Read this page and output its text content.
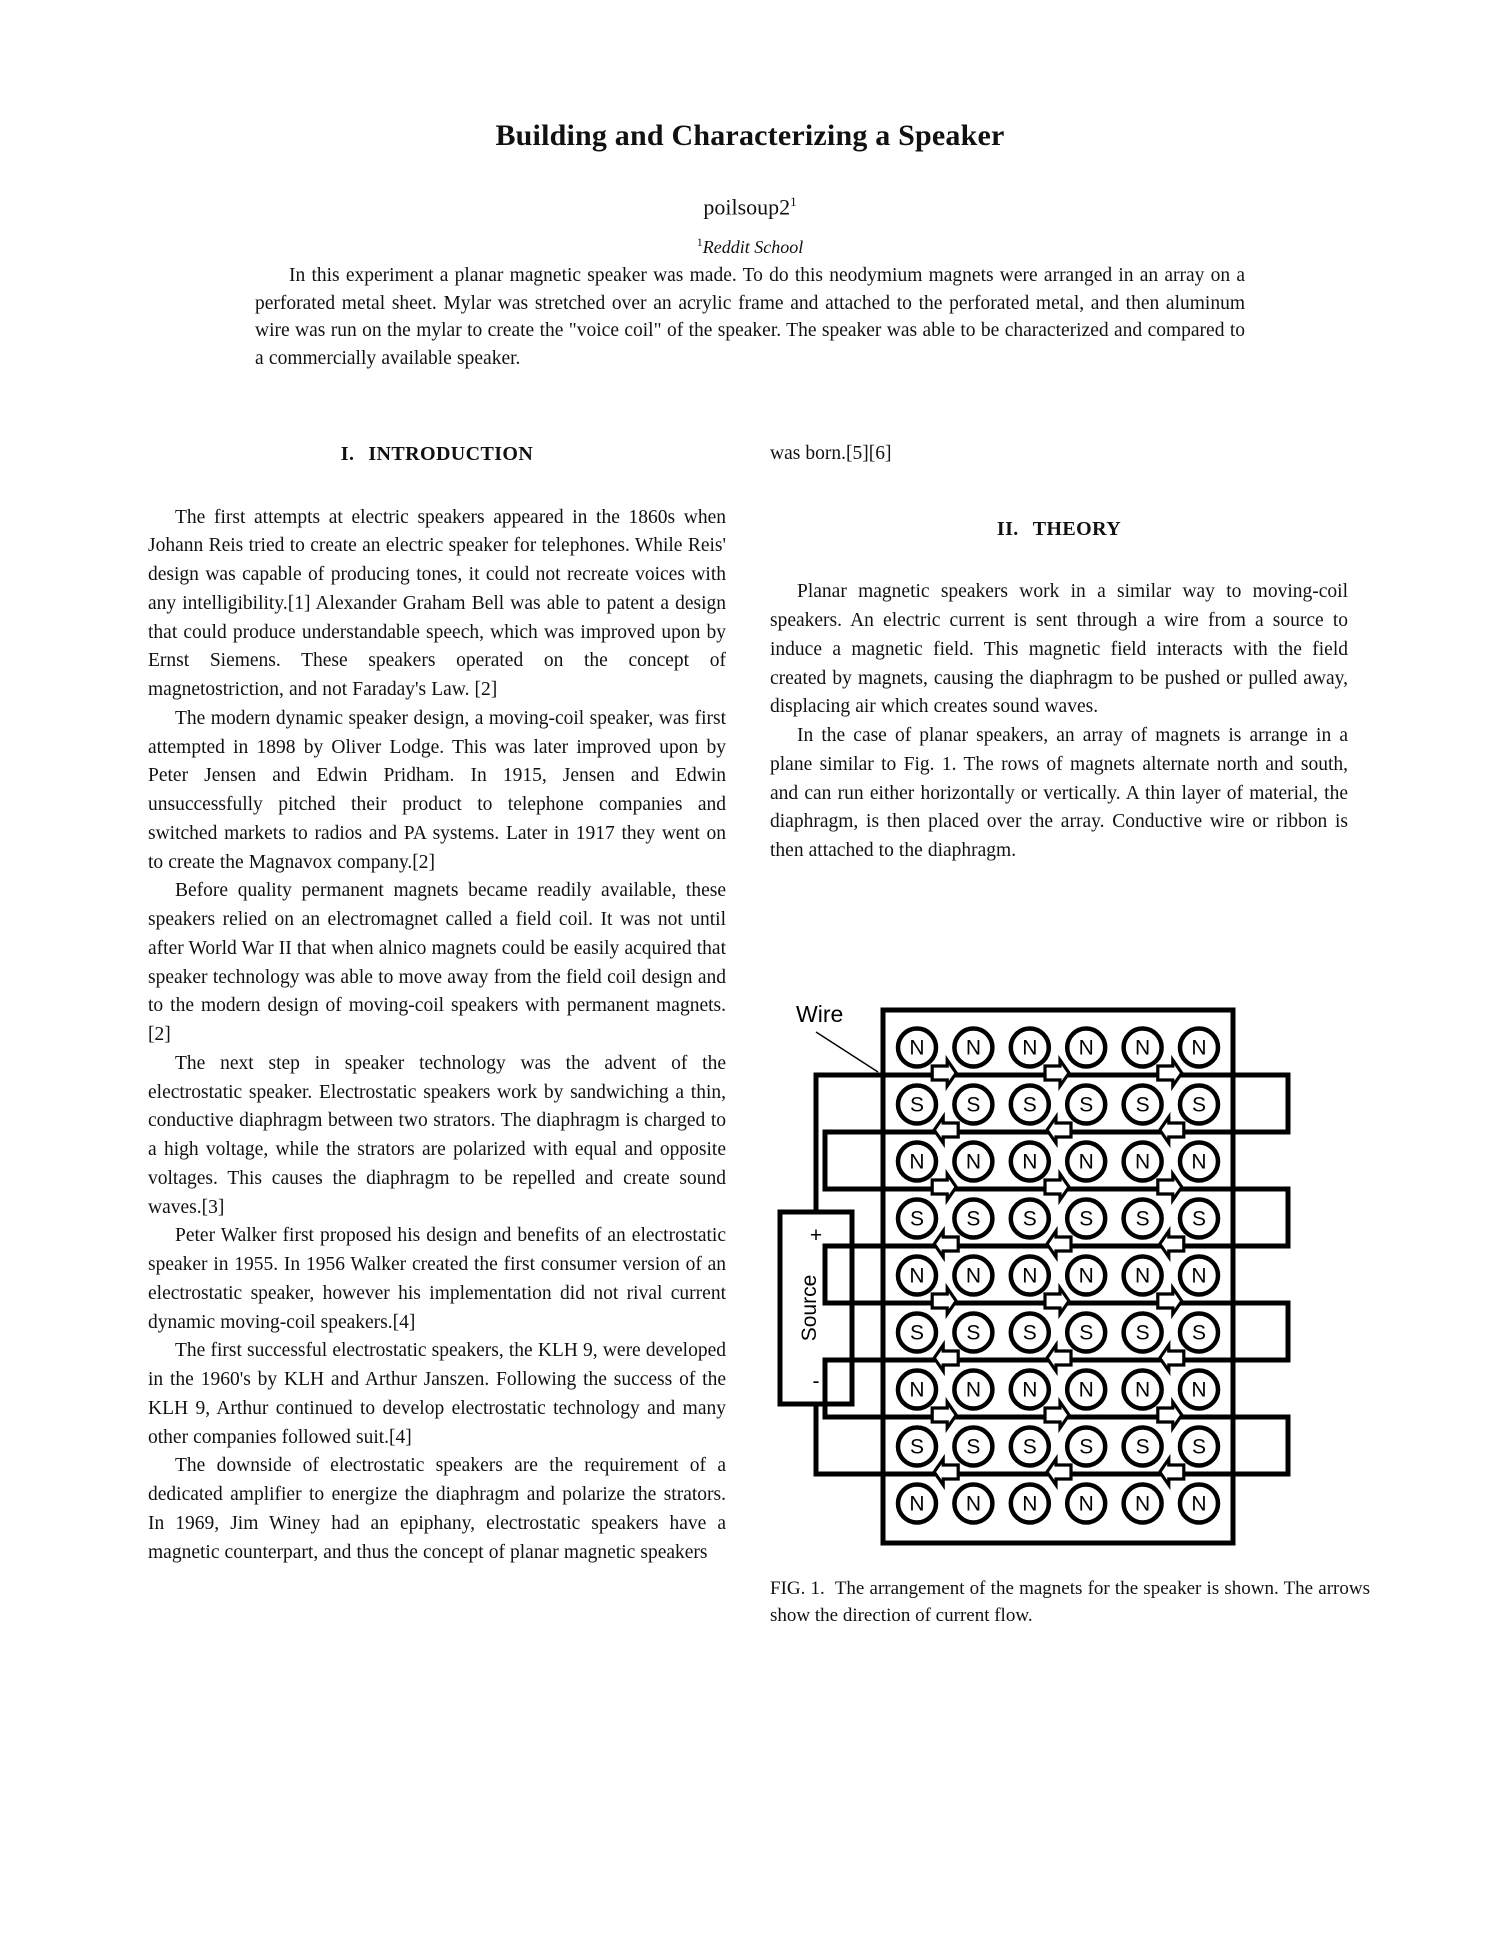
Building and Characterizing a Speaker
$poilsoup2^1$
$^1$Reddit School
In this experiment a planar magnetic speaker was made. To do this neodymium magnets were arranged in an array on a perforated metal sheet. Mylar was stretched over an acrylic frame and attached to the perforated metal, and then aluminum wire was run on the mylar to create the "voice coil" of the speaker. The speaker was able to be characterized and compared to a commercially available speaker.
I. INTRODUCTION

The first attempts at electric speakers appeared in the 1860s when Johann Reis tried to create an electric speaker for telephones. While Reis' design was capable of producing tones, it could not recreate voices with any intelligibility.[1] Alexander Graham Bell was able to patent a design that could produce understandable speech, which was improved upon by Ernst Siemens. These speakers operated on the concept of magnetostriction, and not Faraday's Law. [2]

The modern dynamic speaker design, a moving-coil speaker, was first attempted in 1898 by Oliver Lodge. This was later improved upon by Peter Jensen and Edwin Pridham. In 1915, Jensen and Edwin unsuccessfully pitched their product to telephone companies and switched markets to radios and PA systems. Later in 1917 they went on to create the Magnavox company.[2]

Before quality permanent magnets became readily available, these speakers relied on an electromagnet called a field coil. It was not until after World War II that when alnico magnets could be easily acquired that speaker technology was able to move away from the field coil design and to the modern design of moving-coil speakers with permanent magnets.[2]

The next step in speaker technology was the advent of the electrostatic speaker. Electrostatic speakers work by sandwiching a thin, conductive diaphragm between two strators. The diaphragm is charged to a high voltage, while the strators are polarized with equal and opposite voltages. This causes the diaphragm to be repelled and create sound waves.[3]

Peter Walker first proposed his design and benefits of an electrostatic speaker in 1955. In 1956 Walker created the first consumer version of an electrostatic speaker, however his implementation did not rival current dynamic moving-coil speakers.[4]

The first successful electrostatic speakers, the KLH 9, were developed in the 1960's by KLH and Arthur Janszen. Following the success of the KLH 9, Arthur continued to develop electrostatic technology and many other companies followed suit.[4]

The downside of electrostatic speakers are the requirement of a dedicated amplifier to energize the diaphragm and polarize the strators. In 1969, Jim Winey had an epiphany, electrostatic speakers have a magnetic counterpart, and thus the concept of planar magnetic speakers

was born.[5][6]

II. THEORY

Planar magnetic speakers work in a similar way to moving-coil speakers. An electric current is sent through a wire from a source to induce a magnetic field. This magnetic field interacts with the field created by magnets, causing the diaphragm to be pushed or pulled away, displacing air which creates sound waves.

In the case of planar speakers, an array of magnets is arrange in a plane similar to Fig. 1. The rows of magnets alternate north and south, and can run either horizontally or vertically. A thin layer of material, the diaphragm, is then placed over the array. Conductive wire or ribbon is then attached to the diaphragm.

+
-
Source
Wire
N N N N N N
S S S S S S
N N N N N N
S S S S S S
N N N N N N
S S S S S S
N N N N N N
S S S S S S
N N N N N N
FIG. 1. The arrangement of the magnets for the speaker is shown. The arrows show the direction of current flow.
